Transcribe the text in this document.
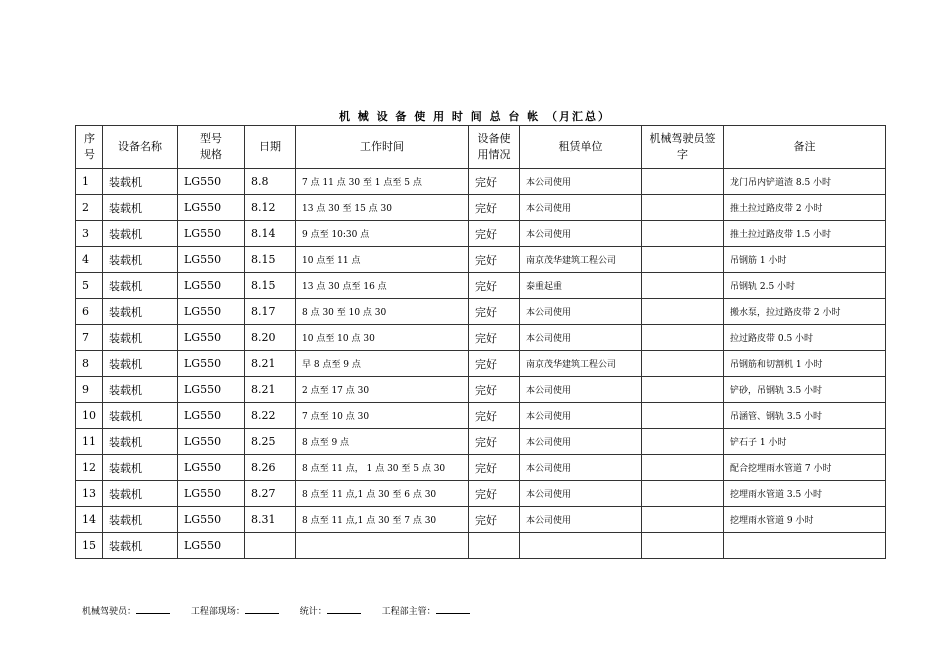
机 械 设 备 使 用 时 间 总 台 帐 （月汇总）
序号	设备名称	型号规格	日期	工作时间	设备使用情况	租赁单位	机械驾驶员签字	备注
1	装载机	LG550	8.8	7 点 11 点 30 至 1 点至 5 点	完好	本公司使用		龙门吊内铲道渣 8.5 小时
2	装载机	LG550	8.12	13 点 30 至 15 点 30	完好	本公司使用		推土拉过路皮带 2 小时
3	装载机	LG550	8.14	9 点至 10:30 点	完好	本公司使用		推土拉过路皮带 1.5 小时
4	装载机	LG550	8.15	10 点至 11 点	完好	南京茂华建筑工程公司		吊钢筋 1 小时
5	装载机	LG550	8.15	13 点 30 点至 16 点	完好	泰重起重		吊钢轨 2.5 小时
6	装载机	LG550	8.17	8 点 30 至 10 点 30	完好	本公司使用		搬水泵，拉过路皮带 2 小时
7	装载机	LG550	8.20	10 点至 10 点 30	完好	本公司使用		拉过路皮带 0.5 小时
8	装载机	LG550	8.21	早 8 点至 9 点	完好	南京茂华建筑工程公司		吊钢筋和切割机 1 小时
9	装载机	LG550	8.21	2 点至 17 点 30	完好	本公司使用		铲砂，吊钢轨 3.5 小时
10	装载机	LG550	8.22	7 点至 10 点 30	完好	本公司使用		吊涵管、钢轨 3.5 小时
11	装载机	LG550	8.25	8 点至 9 点	完好	本公司使用		铲石子 1 小时
12	装载机	LG550	8.26	8 点至 11 点， 1 点 30 至 5 点 30	完好	本公司使用		配合挖埋雨水管道 7 小时
13	装载机	LG550	8.27	8 点至 11 点,1 点 30 至 6 点 30	完好	本公司使用		挖埋雨水管道 3.5 小时
14	装载机	LG550	8.31	8 点至 11 点,1 点 30 至 7 点 30	完好	本公司使用		挖埋雨水管道 9 小时
15	装载机	LG550						
机械驾驶员：	工程部现场：	统计：	工程部主管：
